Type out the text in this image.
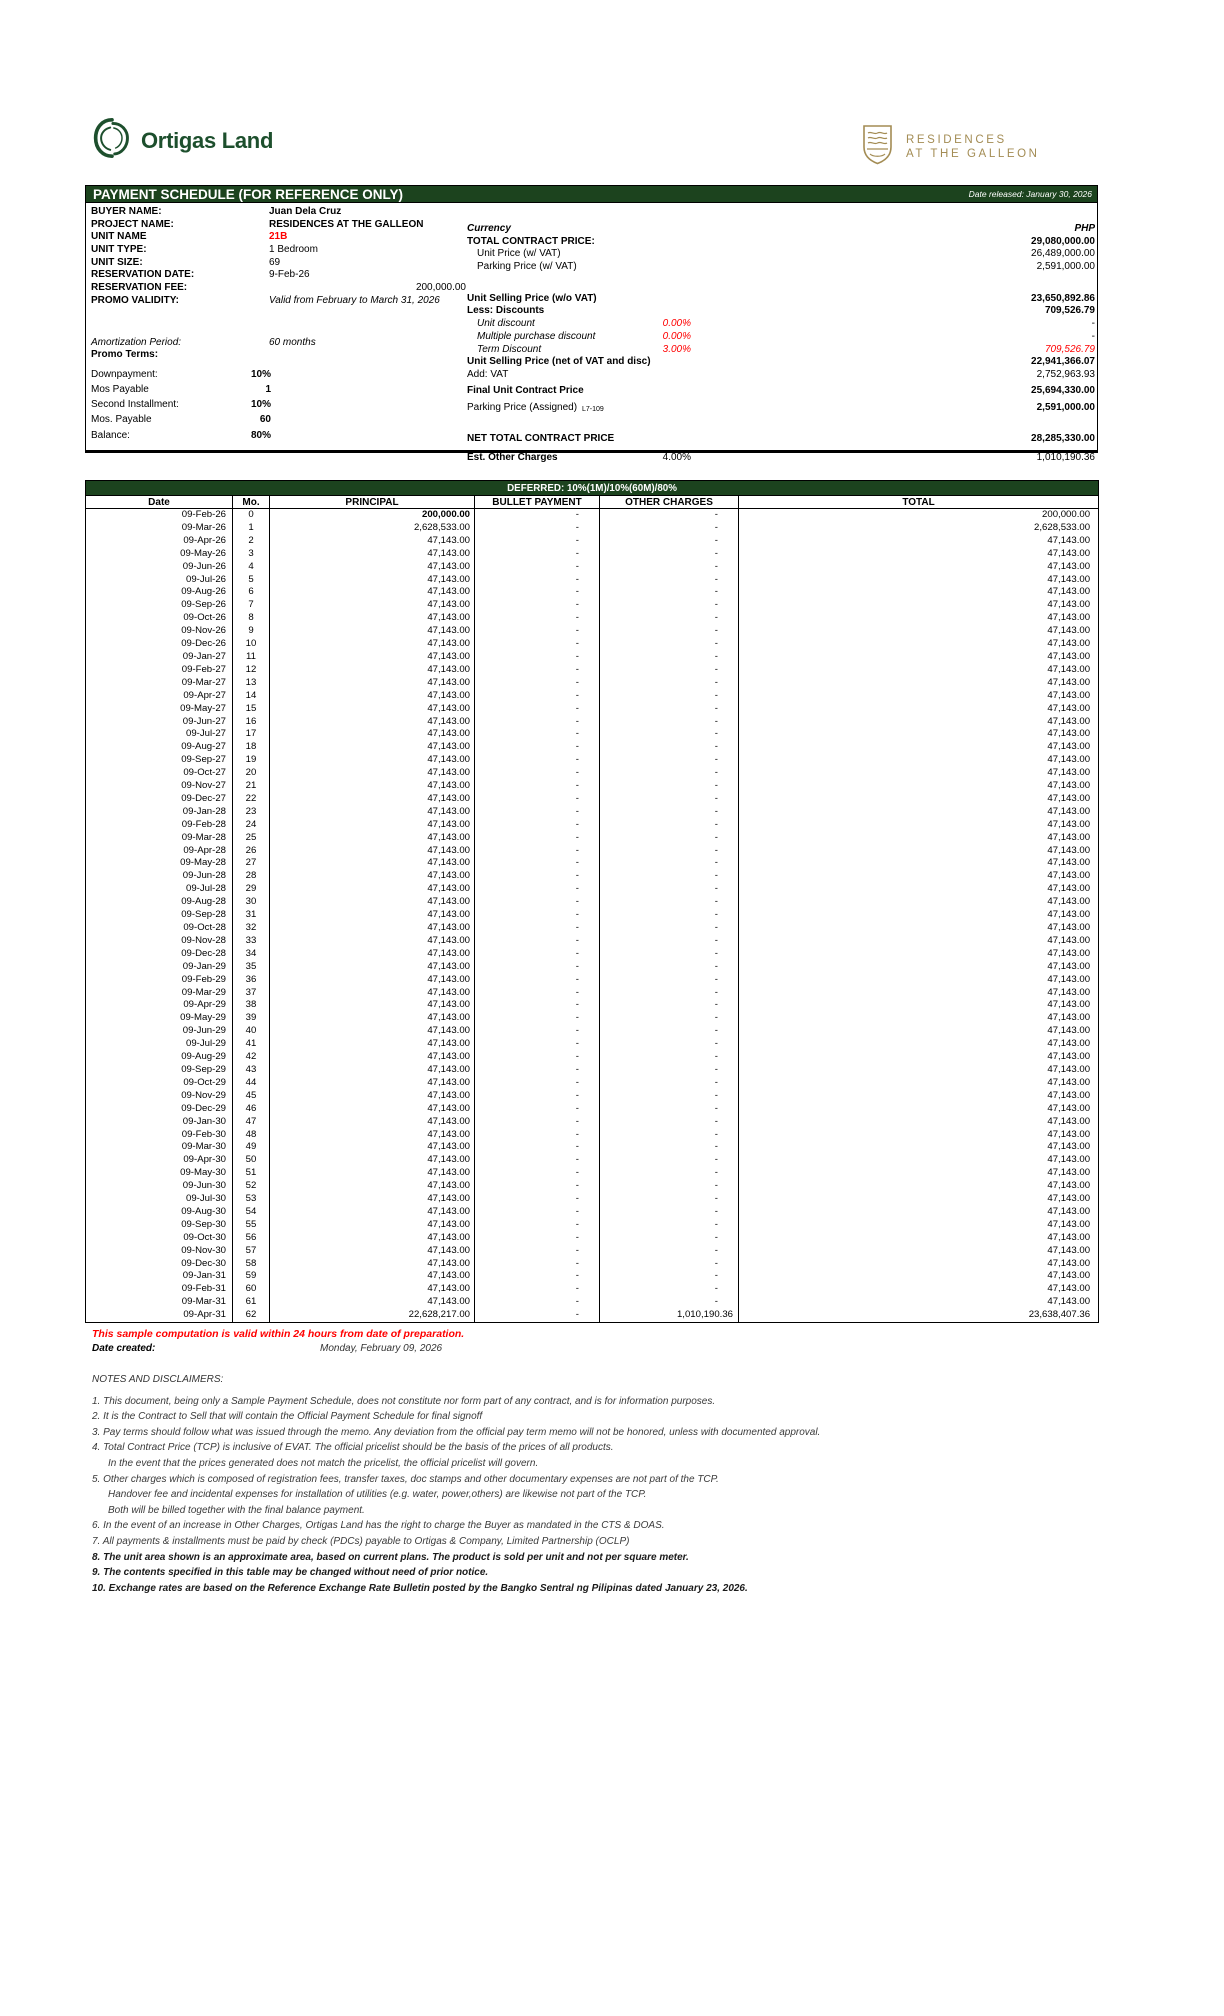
Ortigas Land	RESIDENCES
AT THE GALLEON
PAYMENT SCHEDULE (FOR REFERENCE ONLY)	Date released: January 30, 2026
BUYER NAME:	Juan Dela Cruz
PROJECT NAME:	RESIDENCES AT THE GALLEON
UNIT NAME	21B
UNIT TYPE:	1 Bedroom
UNIT SIZE:	69
RESERVATION DATE:	9-Feb-26
RESERVATION FEE:	200,000.00
PROMO VALIDITY:	Valid from February to March 31, 2026
Amortization Period:	60 months
Promo Terms:
Downpayment:	10%
Mos Payable	1
Second Installment:	10%
Mos. Payable	60
Balance:	80%
Currency	PHP
TOTAL CONTRACT PRICE:	29,080,000.00
Unit Price (w/ VAT)	26,489,000.00
Parking Price (w/ VAT)	2,591,000.00
Unit Selling Price (w/o VAT)	23,650,892.86
Less: Discounts	709,526.79
Unit discount	0.00%	-
Multiple purchase discount	0.00%	-
Term Discount	3.00%	709,526.79
Unit Selling Price (net of VAT and disc)	22,941,366.07
Add: VAT	2,752,963.93
Final Unit Contract Price	25,694,330.00
Parking Price (Assigned) L7-109	2,591,000.00
NET TOTAL CONTRACT PRICE	28,285,330.00
Est. Other Charges	4.00%	1,010,190.36
DEFERRED: 10%(1M)/10%(60M)/80%					
Date	Mo.	PRINCIPAL	BULLET PAYMENT	OTHER CHARGES	TOTAL
09-Feb-26	0	200,000.00	-	-	200,000.00
09-Mar-26	1	2,628,533.00	-	-	2,628,533.00
09-Apr-26	2	47,143.00	-	-	47,143.00
09-May-26	3	47,143.00	-	-	47,143.00
09-Jun-26	4	47,143.00	-	-	47,143.00
09-Jul-26	5	47,143.00	-	-	47,143.00
09-Aug-26	6	47,143.00	-	-	47,143.00
09-Sep-26	7	47,143.00	-	-	47,143.00
09-Oct-26	8	47,143.00	-	-	47,143.00
09-Nov-26	9	47,143.00	-	-	47,143.00
09-Dec-26	10	47,143.00	-	-	47,143.00
09-Jan-27	11	47,143.00	-	-	47,143.00
09-Feb-27	12	47,143.00	-	-	47,143.00
09-Mar-27	13	47,143.00	-	-	47,143.00
09-Apr-27	14	47,143.00	-	-	47,143.00
09-May-27	15	47,143.00	-	-	47,143.00
09-Jun-27	16	47,143.00	-	-	47,143.00
09-Jul-27	17	47,143.00	-	-	47,143.00
09-Aug-27	18	47,143.00	-	-	47,143.00
09-Sep-27	19	47,143.00	-	-	47,143.00
09-Oct-27	20	47,143.00	-	-	47,143.00
09-Nov-27	21	47,143.00	-	-	47,143.00
09-Dec-27	22	47,143.00	-	-	47,143.00
09-Jan-28	23	47,143.00	-	-	47,143.00
09-Feb-28	24	47,143.00	-	-	47,143.00
09-Mar-28	25	47,143.00	-	-	47,143.00
09-Apr-28	26	47,143.00	-	-	47,143.00
09-May-28	27	47,143.00	-	-	47,143.00
09-Jun-28	28	47,143.00	-	-	47,143.00
09-Jul-28	29	47,143.00	-	-	47,143.00
09-Aug-28	30	47,143.00	-	-	47,143.00
09-Sep-28	31	47,143.00	-	-	47,143.00
09-Oct-28	32	47,143.00	-	-	47,143.00
09-Nov-28	33	47,143.00	-	-	47,143.00
09-Dec-28	34	47,143.00	-	-	47,143.00
09-Jan-29	35	47,143.00	-	-	47,143.00
09-Feb-29	36	47,143.00	-	-	47,143.00
09-Mar-29	37	47,143.00	-	-	47,143.00
09-Apr-29	38	47,143.00	-	-	47,143.00
09-May-29	39	47,143.00	-	-	47,143.00
09-Jun-29	40	47,143.00	-	-	47,143.00
09-Jul-29	41	47,143.00	-	-	47,143.00
09-Aug-29	42	47,143.00	-	-	47,143.00
09-Sep-29	43	47,143.00	-	-	47,143.00
09-Oct-29	44	47,143.00	-	-	47,143.00
09-Nov-29	45	47,143.00	-	-	47,143.00
09-Dec-29	46	47,143.00	-	-	47,143.00
09-Jan-30	47	47,143.00	-	-	47,143.00
09-Feb-30	48	47,143.00	-	-	47,143.00
09-Mar-30	49	47,143.00	-	-	47,143.00
09-Apr-30	50	47,143.00	-	-	47,143.00
09-May-30	51	47,143.00	-	-	47,143.00
09-Jun-30	52	47,143.00	-	-	47,143.00
09-Jul-30	53	47,143.00	-	-	47,143.00
09-Aug-30	54	47,143.00	-	-	47,143.00
09-Sep-30	55	47,143.00	-	-	47,143.00
09-Oct-30	56	47,143.00	-	-	47,143.00
09-Nov-30	57	47,143.00	-	-	47,143.00
09-Dec-30	58	47,143.00	-	-	47,143.00
09-Jan-31	59	47,143.00	-	-	47,143.00
09-Feb-31	60	47,143.00	-	-	47,143.00
09-Mar-31	61	47,143.00	-	-	47,143.00
09-Apr-31	62	22,628,217.00	-	1,010,190.36	23,638,407.36
This sample computation is valid within 24 hours from date of preparation.
Date created:	Monday, February 09, 2026
NOTES AND DISCLAIMERS:
1. This document, being only a Sample Payment Schedule, does not constitute nor form part of any contract, and is for information purposes.
2. It is the Contract to Sell that will contain the Official Payment Schedule for final signoff
3. Pay terms should follow what was issued through the memo. Any deviation from the official pay term memo will not be honored, unless with documented approval.
4. Total Contract Price (TCP) is inclusive of EVAT. The official pricelist should be the basis of the prices of all products.
In the event that the prices generated does not match the pricelist, the official pricelist will govern.
5. Other charges which is composed of registration fees, transfer taxes, doc stamps and other documentary expenses are not part of the TCP.
Handover fee and incidental expenses for installation of utilities (e.g. water, power,others) are likewise not part of the TCP.
Both will be billed together with the final balance payment.
6. In the event of an increase in Other Charges, Ortigas Land has the right to charge the Buyer as mandated in the CTS & DOAS.
7. All payments & installments must be paid by check (PDCs) payable to Ortigas & Company, Limited Partnership (OCLP)
8. The unit area shown is an approximate area, based on current plans. The product is sold per unit and not per square meter.
9. The contents specified in this table may be changed without need of prior notice.
10. Exchange rates are based on the Reference Exchange Rate Bulletin posted by the Bangko Sentral ng Pilipinas dated January 23, 2026.
